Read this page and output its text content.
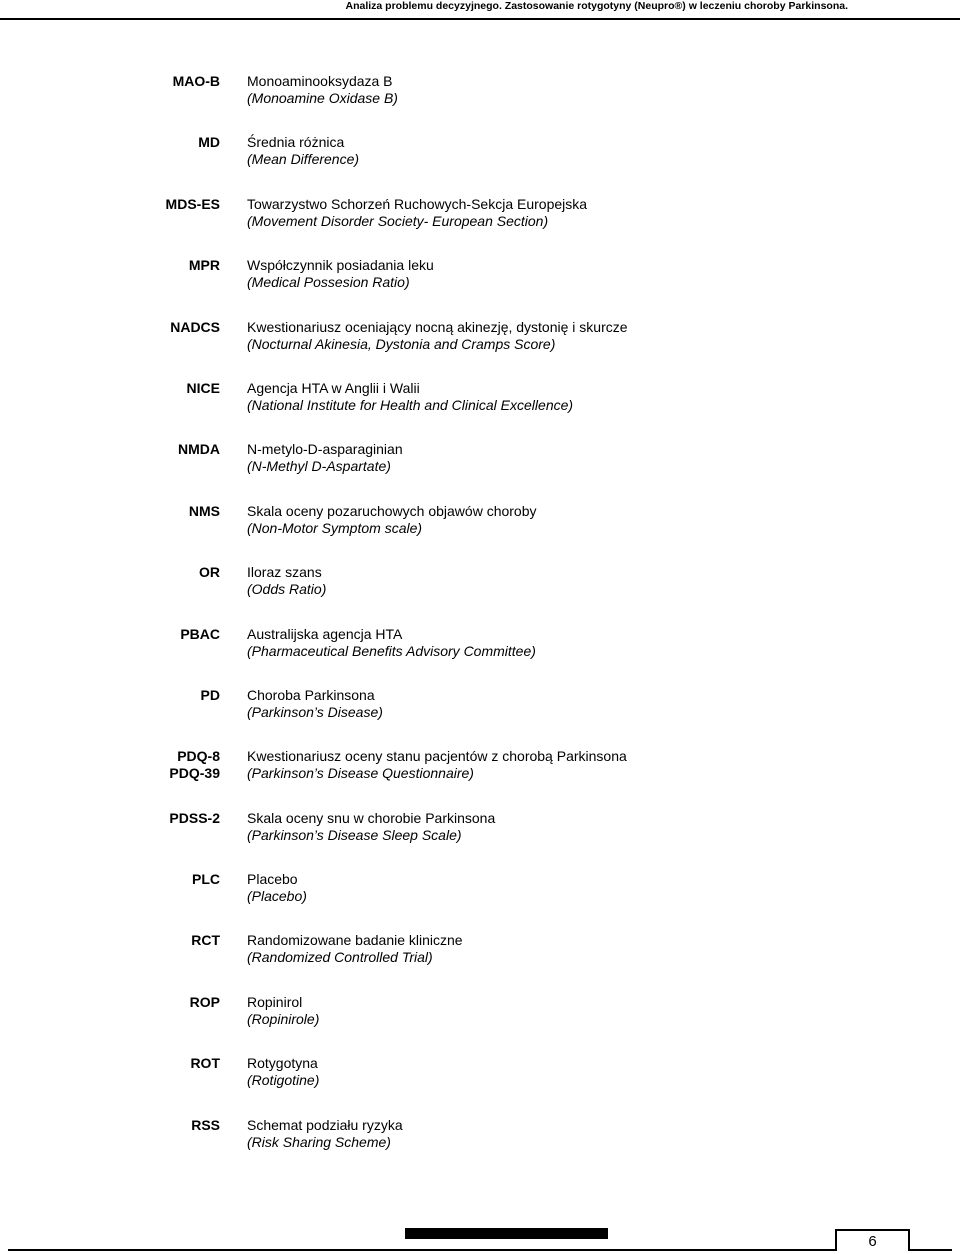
Analiza problemu decyzyjnego. Zastosowanie rotygotyny (Neupro®) w leczeniu choroby Parkinsona.
MAO-B Monoaminooksydaza B
(Monoamine Oxidase B)
MD Średnia różnica
(Mean Difference)
MDS-ES Towarzystwo Schorzeń Ruchowych-Sekcja Europejska
(Movement Disorder Society- European Section)
MPR Współczynnik posiadania leku
(Medical Possesion Ratio)
NADCS Kwestionariusz oceniający nocną akinezję, dystonię i skurcze
(Nocturnal Akinesia, Dystonia and Cramps Score)
NICE Agencja HTA w Anglii i Walii
(National Institute for Health and Clinical Excellence)
NMDA N-metylo-D-asparaginian
(N-Methyl D-Aspartate)
NMS Skala oceny pozaruchowych objawów choroby
(Non-Motor Symptom scale)
OR Iloraz szans
(Odds Ratio)
PBAC Australijska agencja HTA
(Pharmaceutical Benefits Advisory Committee)
PD Choroba Parkinsona
(Parkinson’s Disease)
PDQ-8
PDQ-39
Kwestionariusz oceny stanu pacjentów z chorobą Parkinsona
(Parkinson’s Disease Questionnaire)
PDSS-2 Skala oceny snu w chorobie Parkinsona
(Parkinson’s Disease Sleep Scale)
PLC Placebo
(Placebo)
RCT Randomizowane badanie kliniczne
(Randomized Controlled Trial)
ROP Ropinirol
(Ropinirole)
ROT Rotygotyna
(Rotigotine)
RSS Schemat podziału ryzyka
(Risk Sharing Scheme)
6
